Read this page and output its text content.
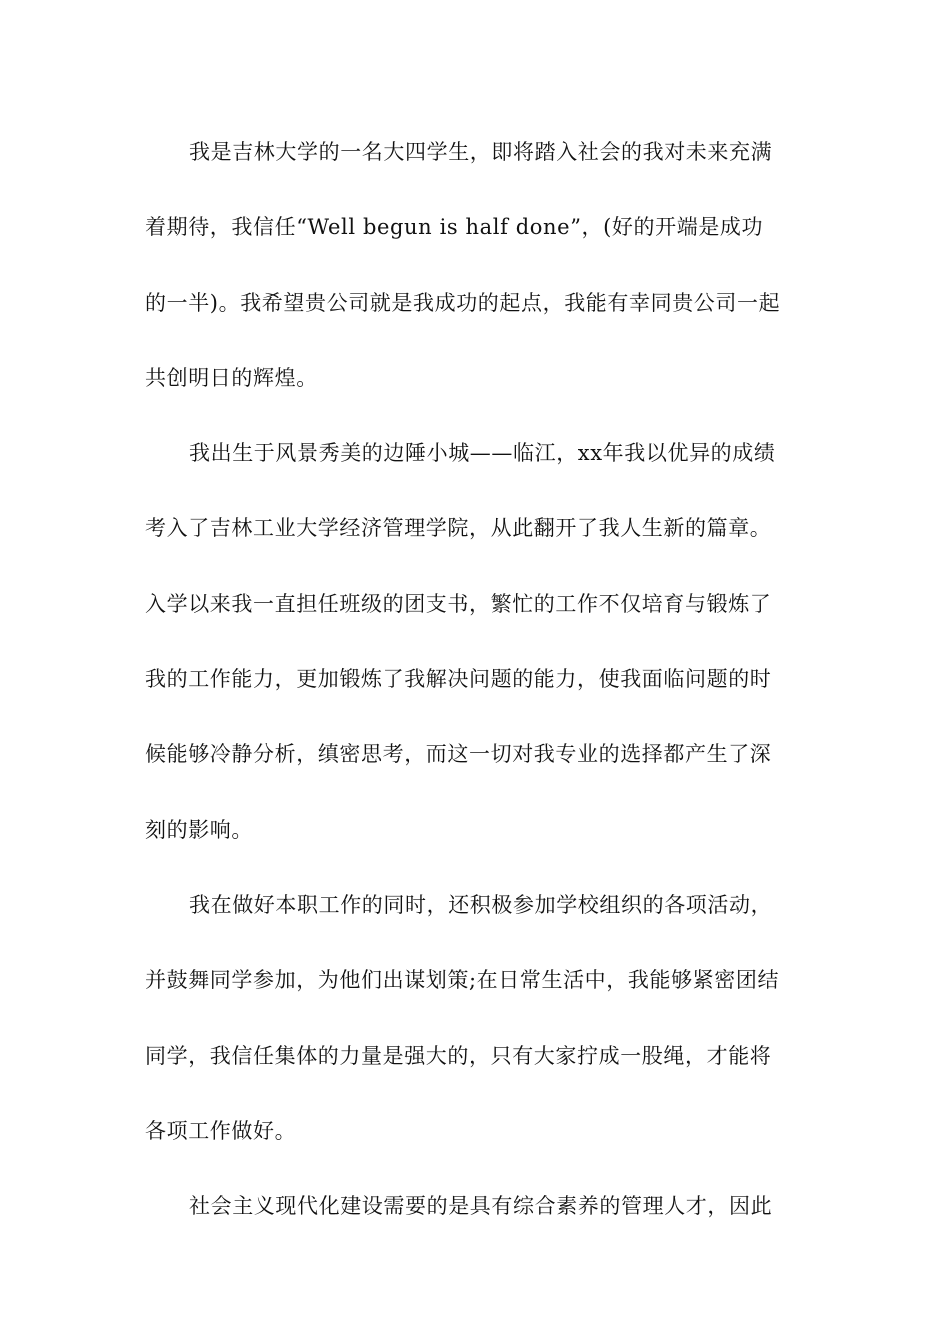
我是吉林大学的一名大四学生，即将踏入社会的我对未来充满
着期待，我信任“Well begun is half done”，(好的开端是成功
的一半)。我希望贵公司就是我成功的起点，我能有幸同贵公司一起
共创明日的辉煌。
我出生于风景秀美的边陲小城——临江，xx年我以优异的成绩
考入了吉林工业大学经济管理学院，从此翻开了我人生新的篇章。
入学以来我一直担任班级的团支书，繁忙的工作不仅培育与锻炼了
我的工作能力，更加锻炼了我解决问题的能力，使我面临问题的时
候能够冷静分析，缜密思考，而这一切对我专业的选择都产生了深
刻的影响。
我在做好本职工作的同时，还积极参加学校组织的各项活动，
并鼓舞同学参加，为他们出谋划策;在日常生活中，我能够紧密团结
同学，我信任集体的力量是强大的，只有大家拧成一股绳，才能将
各项工作做好。
社会主义现代化建设需要的是具有综合素养的管理人才，因此
